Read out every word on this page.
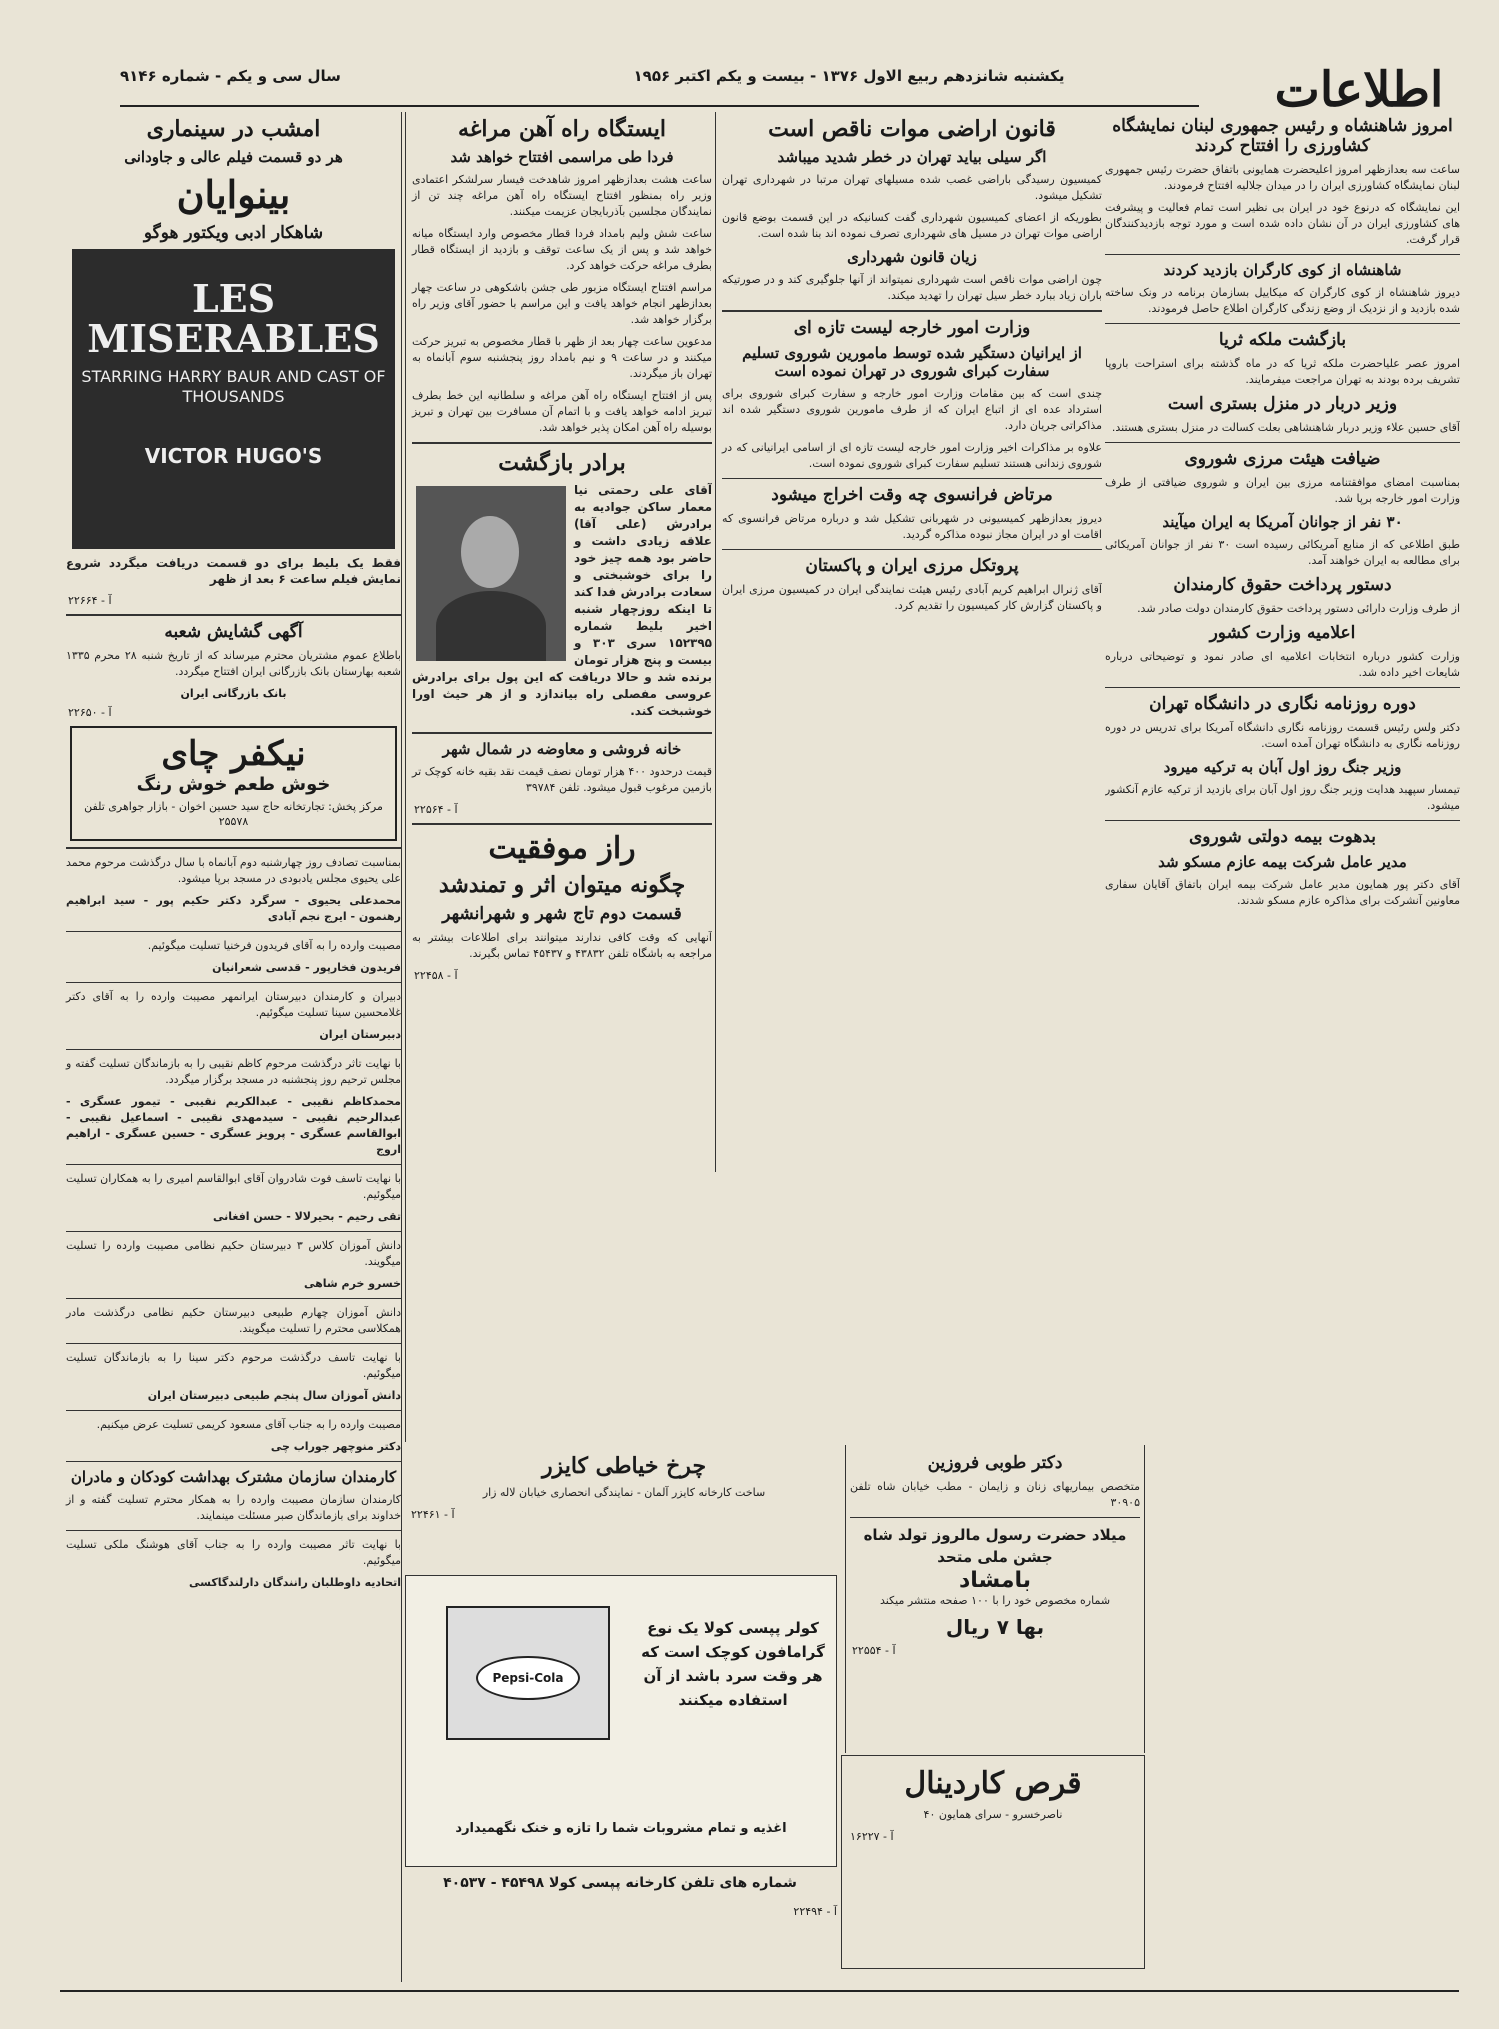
اطلاعات
یکشنبه شانزدهم ربیع الاول ۱۳۷۶ - بیست و یکم اکتبر ۱۹۵۶
سال سی و یکم - شماره ۹۱۴۶
امروز شاهنشاه و رئیس جمهوری لبنان نمایشگاه کشاورزی را افتتاح کردند

ساعت سه بعدازظهر امروز اعلیحضرت همایونی باتفاق حضرت رئیس جمهوری لبنان نمایشگاه کشاورزی ایران را در میدان جلالیه افتتاح فرمودند.

این نمایشگاه که درنوع خود در ایران بی نظیر است تمام فعالیت و پیشرفت های کشاورزی ایران در آن نشان داده شده است و مورد توجه بازدیدکنندگان قرار گرفت.

شاهنشاه از کوی کارگران بازدید کردند

دیروز شاهنشاه از کوی کارگران که میکاییل بسازمان برنامه در ونک ساخته شده بازدید و از نزدیک از وضع زندگی کارگران اطلاع حاصل فرمودند.

بازگشت ملکه ثریا

امروز عصر علیاحضرت ملکه ثریا که در ماه گذشته برای استراحت باروپا تشریف برده بودند به تهران مراجعت میفرمایند.

وزیر دربار در منزل بستری است

آقای حسین علاء وزیر دربار شاهنشاهی بعلت کسالت در منزل بستری هستند.

ضیافت هیئت مرزی شوروی

بمناسبت امضای موافقتنامه مرزی بین ایران و شوروی ضیافتی از طرف وزارت امور خارجه برپا شد.

۳۰ نفر از جوانان آمریکا به ایران میآیند

طبق اطلاعی که از منابع آمریکائی رسیده است ۳۰ نفر از جوانان آمریکائی برای مطالعه به ایران خواهند آمد.

دستور پرداخت حقوق کارمندان

از طرف وزارت دارائی دستور پرداخت حقوق کارمندان دولت صادر شد.

اعلامیه وزارت کشور

وزارت کشور درباره انتخابات اعلامیه ای صادر نمود و توضیحاتی درباره شایعات اخیر داده شد.

دوره روزنامه نگاری در دانشگاه تهران

دکتر ولس رئیس قسمت روزنامه نگاری دانشگاه آمریکا برای تدریس در دوره روزنامه نگاری به دانشگاه تهران آمده است.

وزیر جنگ روز اول آبان به ترکیه میرود

تیمسار سپهبد هدایت وزیر جنگ روز اول آبان برای بازدید از ترکیه عازم آنکشور میشود.

بدهوت بیمه دولتی شوروی
مدیر عامل شرکت بیمه عازم مسکو شد

آقای دکتر پور همایون مدیر عامل شرکت بیمه ایران باتفاق آقایان سفاری معاونین آنشرکت برای مذاکره عازم مسکو شدند.

قانون اراضی موات ناقص است
اگر سیلی بیاید تهران در خطر شدید میباشد

کمیسیون رسیدگی باراضی غصب شده مسیلهای تهران مرتبا در شهرداری تهران تشکیل میشود.

بطوریکه از اعضای کمیسیون شهرداری گفت کسانیکه در این قسمت بوضع قانون اراضی موات تهران در مسیل های شهرداری تصرف نموده اند بنا شده است.

زیان قانون شهرداری

چون اراضی موات ناقص است شهرداری نمیتواند از آنها جلوگیری کند و در صورتیکه باران زیاد ببارد خطر سیل تهران را تهدید میکند.

وزارت امور خارجه لیست تازه ای
از ایرانیان دستگیر شده توسط مامورین شوروی تسلیم سفارت کبرای شوروی در تهران نموده است

چندی است که بین مقامات وزارت امور خارجه و سفارت کبرای شوروی برای استرداد عده ای از اتباع ایران که از طرف مامورین شوروی دستگیر شده اند مذاکراتی جریان دارد.

علاوه بر مذاکرات اخیر وزارت امور خارجه لیست تازه ای از اسامی ایرانیانی که در شوروی زندانی هستند تسلیم سفارت کبرای شوروی نموده است.

مرتاض فرانسوی چه وقت اخراج میشود

دیروز بعدازظهر کمیسیونی در شهربانی تشکیل شد و درباره مرتاض فرانسوی که اقامت او در ایران مجاز نبوده مذاکره گردید.

پروتکل مرزی ایران و پاکستان

آقای ژنرال ابراهیم کریم آبادی رئیس هیئت نمایندگی ایران در کمیسیون مرزی ایران و پاکستان گزارش کار کمیسیون را تقدیم کرد.

ایستگاه راه آهن مراغه
فردا طی مراسمی افتتاح خواهد شد

ساعت هشت بعدازظهر امروز شاهدخت فیسار سرلشکر اعتمادی وزیر راه بمنظور افتتاح ایستگاه راه آهن مراغه چند تن از نمایندگان مجلسین بآذربایجان عزیمت میکنند.

ساعت شش ولیم بامداد فردا قطار مخصوص وارد ایستگاه میانه خواهد شد و پس از یک ساعت توقف و بازدید از ایستگاه قطار بطرف مراغه حرکت خواهد کرد.

مراسم افتتاح ایستگاه مزبور طی جشن باشکوهی در ساعت چهار بعدازظهر انجام خواهد یافت و این مراسم با حضور آقای وزیر راه برگزار خواهد شد.

مدعوین ساعت چهار بعد از ظهر با قطار مخصوص به تبریز حرکت میکنند و در ساعت ۹ و نیم بامداد روز پنجشنبه سوم آبانماه به تهران باز میگردند.

پس از افتتاح ایستگاه راه آهن مراغه و سلطانیه این خط بطرف تبریز ادامه خواهد یافت و با اتمام آن مسافرت بین تهران و تبریز بوسیله راه آهن امکان پذیر خواهد شد.

برادر بازگشت

آقای علی رحمتی نیا معمار ساکن جوادیه به برادرش (علی آقا) علاقه زیادی داشت و حاضر بود همه چیز خود را برای خوشبختی و سعادت برادرش فدا کند تا اینکه روزچهار شنبه اخیر بلیط شماره ۱۵۲۳۹۵ سری ۳۰۳ و بیست و پنج هزار تومان برنده شد و حالا دریافت که این پول برای برادرش عروسی مفصلی راه بیاندازد و از هر حیث اورا خوشبخت کند.

خانه فروشی و معاوضه در شمال شهر

قیمت درحدود ۴۰۰ هزار تومان نصف قیمت نقد بقیه خانه کوچک تر بازمین مرغوب قبول میشود. تلفن ۳۹۷۸۴

آ - ۲۲۵۶۴
راز موفقیت
چگونه میتوان اثر و تمندشد
قسمت دوم تاج شهر و شهرانشهر

آنهایی که وقت کافی ندارند میتوانند برای اطلاعات بیشتر به مراجعه به باشگاه تلفن ۴۳۸۳۲ و ۴۵۴۳۷ تماس بگیرند.

آ - ۲۲۴۵۸
دکتر طوبی فروزین

متخصص بیماریهای زنان و زایمان - مطب خیابان شاه تلفن ۳۰۹۰۵

میلاد حضرت رسول مالروز تولد شاه جشن ملی متحد
بامشاد

شماره مخصوص خود را با ۱۰۰ صفحه منتشر میکند

بها ۷ ریال
آ - ۲۲۵۵۴
چرخ خیاطی کایزر

ساخت کارخانه کایزر آلمان - نمایندگی انحصاری خیابان لاله زار

آ - ۲۲۴۶۱
Pepsi-Cola
کولر پپسی کولا یک نوع گرامافون کوچک است که هر وقت سرد باشد از آن استفاده میکنند
اغذیه و تمام مشروبات شما را تازه و خنک نگهمیدارد
شماره های تلفن کارخانه پپسی کولا ۴۵۴۹۸ - ۴۰۵۳۷
آ - ۲۲۴۹۴
قرص کاردینال

ناصرخسرو - سرای همایون ۴۰

آ - ۱۶۲۲۷
امشب در سینماری
هر دو قسمت فیلم عالی و جاودانی
بینوایان
شاهکار ادبی ویکتور هوگو
LES MISERABLES
STARRING HARRY BAUR AND CAST OF THOUSANDS
VICTOR HUGO'S

فقط یک بلیط برای دو قسمت دریافت میگردد شروع نمایش فیلم ساعت ۶ بعد از ظهر

آ - ۲۲۶۶۴
آگهی گشایش شعبه

باطلاع عموم مشتریان محترم میرساند که از تاریخ شنبه ۲۸ محرم ۱۳۳۵ شعبه بهارستان بانک بازرگانی ایران افتتاح میگردد.

بانک بازرگانی ایران
آ - ۲۲۶۵۰
نیکفر چای
خوش طعم خوش رنگ
مرکز پخش: تجارتخانه حاج سید حسین اخوان - بازار جواهری تلفن ۲۵۵۷۸

بمناسبت تصادف روز چهارشنبه دوم آبانماه با سال درگذشت مرحوم محمد علی یحیوی مجلس یادبودی در مسجد برپا میشود.

محمدعلی یحیوی - سرگرد دکتر حکیم پور - سید ابراهیم رهنمون - ایرج نجم آبادی

مصیبت وارده را به آقای فریدون فرخنیا تسلیت میگوئیم.

فریدون فخارپور - قدسی شعرانیان

دبیران و کارمندان دبیرستان ایرانمهر مصیبت وارده را به آقای دکتر غلامحسین سینا تسلیت میگوئیم.

دبیرستان ایران

با نهایت تاثر درگذشت مرحوم کاظم نقیبی را به بازماندگان تسلیت گفته و مجلس ترحیم روز پنجشنبه در مسجد برگزار میگردد.

محمدکاظم نقیبی - عبدالکریم نقیبی - تیمور عسگری - عبدالرحیم نقیبی - سیدمهدی نقیبی - اسماعیل نقیبی - ابوالقاسم عسگری - پرویز عسگری - حسین عسگری - اراهیم اروج

با نهایت تاسف فوت شادروان آقای ابوالقاسم امیری را به همکاران تسلیت میگوئیم.

تقی رحیم - بحیرلالا - حسن افغانی

دانش آموزان کلاس ۳ دبیرستان حکیم نظامی مصیبت وارده را تسلیت میگویند.

خسرو خرم شاهی

دانش آموزان چهارم طبیعی دبیرستان حکیم نظامی درگذشت مادر همکلاسی محترم را تسلیت میگویند.

با نهایت تاسف درگذشت مرحوم دکتر سینا را به بازماندگان تسلیت میگوئیم.

دانش آموزان سال پنجم طبیعی دبیرستان ایران

مصیبت وارده را به جناب آقای مسعود کریمی تسلیت عرض میکنیم.

دکتر منوچهر جوراب چی

کارمندان سازمان مشترک بهداشت کودکان و مادران

کارمندان سازمان مصیبت وارده را به همکار محترم تسلیت گفته و از خداوند برای بازماندگان صبر مسئلت مینمایند.

با نهایت تاثر مصیبت وارده را به جناب آقای هوشنگ ملکی تسلیت میگوئیم.

اتحادیه داوطلبان رانندگان دارلندگاکسی
